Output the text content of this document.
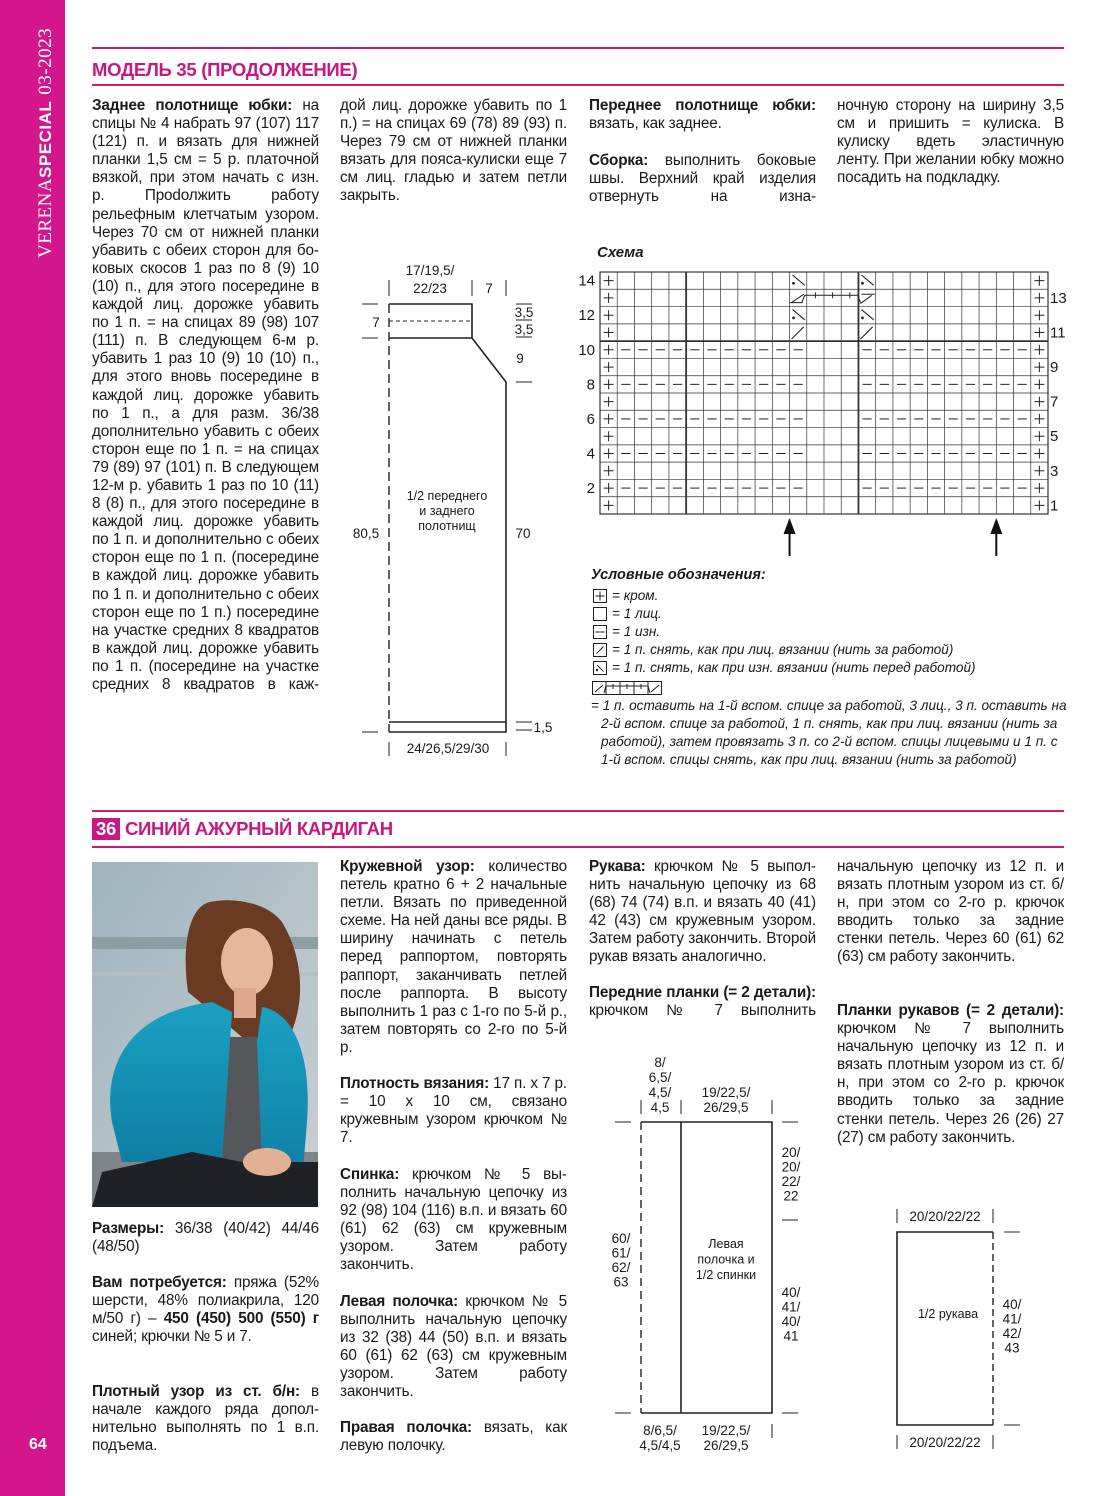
VERENASPECIAL03-2023
64
МОДЕЛЬ 35 (ПРОДОЛЖЕНИЕ)

Заднее полотнище юбки: на спицы № 4 набрать 97 (107) 117 (121) п. и вязать для нижней планки 1,5 см = 5 р. платочной вязкой, при этом начать с изн. р. Проdолжить работу рельефным клетчатым узором. Через 70 см от нижней планки убавить с обеих сторон для боковых скосов 1 раз по 8 (9) 10 (10) п., для этого посередине в каждой лиц. дорожке убавить по 1 п. = на спицах 89 (98) 107 (111) п. В следующем 6-м р. убавить 1 раз 10 (9) 10 (10) п., для этого вновь посередине в каждой лиц. дорожке убавить по 1 п., а для разм. 36/38 дополнительно убавить с обеих сторон еще по 1 п. = на спицах 79 (89) 97 (101) п. В следующем 12-м р. убавить 1 раз по 10 (11) 8 (8) п., для этого посередине в каждой лиц. дорожке убавить по 1 п. и дополнительно с обеих сторон еще по 1 п. (посередине в каждой лиц. дорожке убавить по 1 п. и дополнительно с обеих сторон еще по 1 п.) посередине на участке средних 8 квадратов в каждой лиц. дорожке убавить по 1 п. (посередине на участке средних 8 квадратов в каж-

дой лиц. дорожке убавить по 1 п.) = на спицах 69 (78) 89 (93) п. Через 79 см от нижней планки вязать для пояса-кулиски еще 7 см лиц. гладью и затем петли закрыть.

Переднее полотнище юбки: вязать, как заднее.

Сборка: выполнить боковые швы. Верхний край изделия отвернуть на изна-

ночную сторону на ширину 3,5 см и пришить = кулиска. В кулиску вдеть эластичную ленту. При желании юбку можно посадить на подкладку.

Схема
Условные обозначения:
= кром.
= 1 лиц.
= 1 изн.
= 1 п. снять, как при лиц. вязании (нить за работой)
= 1 п. снять, как при изн. вязании (нить перед работой)
= 1 п. оставить на 1-й вспом. спице за работой, 3 лиц., 3 п. оставить на 2-й вспом. спице за работой, 1 п. снять, как при лиц. вязании (нить за работой), затем провязать 3 п. со 2-й вспом. спицы лицевыми и 1 п. с 1-й вспом. спицы снять, как при лиц. вязании (нить за работой)
36 СИНИЙ АЖУРНЫЙ КАРДИГАН

Размеры: 36/38 (40/42) 44/46 (48/50)

Вам потребуется: пряжа (52% шерсти, 48% полиакрила, 120 м/50 г) – 450 (450) 500 (550) г синей; крючки № 5 и 7.

Плотный узор из ст. б/н: в начале каждого ряда дополнительно выполнять по 1 в.п. подъема.

Кружевной узор: количество петель кратно 6 + 2 начальные петли. Вязать по приведенной схеме. На ней даны все ряды. В ширину начинать с петель перед раппортом, повторять раппорт, заканчивать петлей после раппорта. В высоту выполнить 1 раз с 1-го по 5-й р., затем повторять со 2-го по 5-й р.

Плотность вязания: 17 п. x 7 р. = 10 x 10 см, связано кружевным узором крючком № 7.

Спинка: крючком № 5 выполнить начальную цепочку из 92 (98) 104 (116) в.п. и вязать 60 (61) 62 (63) см кружевным узором. Затем работу закончить.

Левая полочка: крючком № 5 выполнить начальную цепочку из 32 (38) 44 (50) в.п. и вязать 60 (61) 62 (63) см кружевным узором. Затем работу закончить.

Правая полочка: вязать, как левую полочку.

Рукава: крючком № 5 выполнить начальную цепочку из 68 (68) 74 (74) в.п. и вязать 40 (41) 42 (43) см кружевным узором. Затем работу закончить. Второй рукав вязать аналогично.

Передние планки (= 2 детали): крючком № 7 выполнить

начальную цепочку из 12 п. и вязать плотным узором из ст. б/н, при этом со 2-го р. крючок вводить только за задние стенки петель. Через 60 (61) 62 (63) см работу закончить.

Планки рукавов (= 2 детали): крючком № 7 выполнить начальную цепочку из 12 п. и вязать плотным узором из ст. б/н, при этом со 2-го р. крючок вводить только за задние стенки петель. Через 26 (26) 27 (27) см работу закончить.

17/19,5/
22/23	7
7
3,5
3,5
9
80,5	70
1,5
24/26,5/29/30
1/2 переднего
и заднего
полотнищ
14
12
10
8
6
4
2
13
11
9
7
5
3
1
8/
6,5/
4,5/
4,5
19/22,5/
26/29,5
20/
20/
22/
22
40/
41/
40/
41
60/
61/
62/
63
Левая
полочка и
1/2 спинки
8/6,5/
4,5/4,5
19/22,5/
26/29,5
20/20/22/22
20/20/22/22
1/2 рукава
40/
41/
42/
43
